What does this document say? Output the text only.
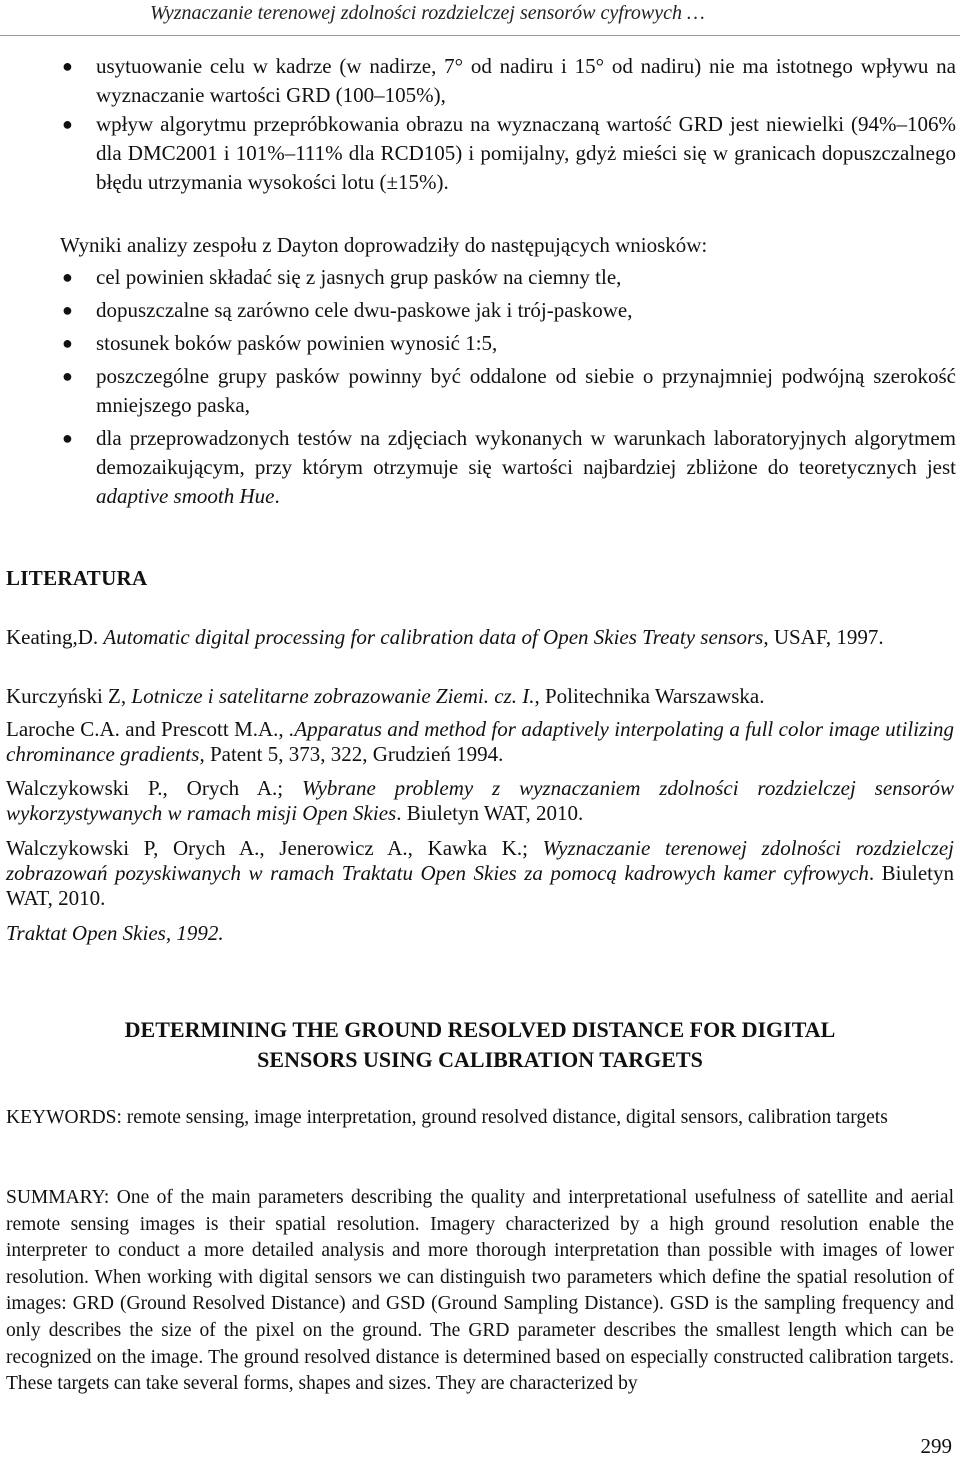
Wyznaczanie terenowej zdolności rozdzielczej sensorów cyfrowych …
● usytuowanie celu w kadrze (w nadirze, 7° od nadiru i 15° od nadiru) nie ma istotnego wpływu na wyznaczanie wartości GRD (100–105%),
● wpływ algorytmu przepróbkowania obrazu na wyznaczaną wartość GRD jest niewielki (94%–106% dla DMC2001 i 101%–111% dla RCD105) i pomijalny, gdyż mieści się w granicach dopuszczalnego błędu utrzymania wysokości lotu (±15%).
Wyniki analizy zespołu z Dayton doprowadziły do następujących wniosków:
● cel powinien składać się z jasnych grup pasków na ciemny tle,
● dopuszczalne są zarówno cele dwu-paskowe jak i trój-paskowe,
● stosunek boków pasków powinien wynosić 1:5,
● poszczególne grupy pasków powinny być oddalone od siebie o przynajmniej podwójną szerokość mniejszego paska,
● dla przeprowadzonych testów na zdjęciach wykonanych w warunkach laboratoryjnych algorytmem demozaikującym, przy którym otrzymuje się wartości najbardziej zbliżone do teoretycznych jest adaptive smooth Hue.
LITERATURA
Keating,D. Automatic digital processing for calibration data of Open Skies Treaty sensors, USAF, 1997.
Kurczyński Z, Lotnicze i satelitarne zobrazowanie Ziemi. cz. I., Politechnika Warszawska.
Laroche C.A. and Prescott M.A., .Apparatus and method for adaptively interpolating a full color image utilizing chrominance gradients, Patent 5, 373, 322, Grudzień 1994.
Walczykowski P., Orych A.; Wybrane problemy z wyznaczaniem zdolności rozdzielczej sensorów wykorzystywanych w ramach misji Open Skies. Biuletyn WAT, 2010.
Walczykowski P, Orych A., Jenerowicz A., Kawka K.; Wyznaczanie terenowej zdolności rozdzielczej zobrazowań pozyskiwanych w ramach Traktatu Open Skies za pomocą kadrowych kamer cyfrowych. Biuletyn WAT, 2010.
Traktat Open Skies, 1992.
DETERMINING THE GROUND RESOLVED DISTANCE FOR DIGITAL
SENSORS USING CALIBRATION TARGETS
KEYWORDS: remote sensing, image interpretation, ground resolved distance, digital sensors, calibration targets
SUMMARY: One of the main parameters describing the quality and interpretational usefulness of satellite and aerial remote sensing images is their spatial resolution. Imagery characterized by a high ground resolution enable the interpreter to conduct a more detailed analysis and more thorough interpretation than possible with images of lower resolution. When working with digital sensors we can distinguish two parameters which define the spatial resolution of images: GRD (Ground Resolved Distance) and GSD (Ground Sampling Distance). GSD is the sampling frequency and only describes the size of the pixel on the ground. The GRD parameter describes the smallest length which can be recognized on the image. The ground resolved distance is determined based on especially constructed calibration targets. These targets can take several forms, shapes and sizes. They are characterized by
299
